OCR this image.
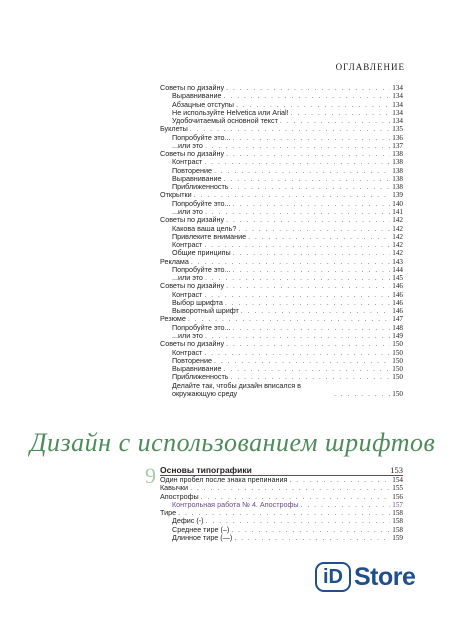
ОГЛАВЛЕНИЕ
Советы по дизайну . . .	134
Выравнивание . . .	134
Абзацные отступы . . .	134
Не используйте Helvetica или Arial! . . .	134
Удобочитаемый основной текст . . .	134
Буклеты . . .	135
Попробуйте это... . . .	136
...или это . . .	137
Советы по дизайну . . .	138
Контраст . . .	138
Повторение . . .	138
Выравнивание . . .	138
Приближенность . . .	138
Открытки . . .	139
Попробуйте это... . . .	140
...или это . . .	141
Советы по дизайну . . .	142
Какова ваша цель? . . .	142
Привлеките внимание . . .	142
Контраст . . .	142
Общие принципы . . .	142
Реклама . . .	143
Попробуйте это... . . .	144
...или это . . .	145
Советы по дизайну . . .	146
Контраст . . .	146
Выбор шрифта . . .	146
Выворотный шрифт . . .	146
Резюме . . .	147
Попробуйте это... . . .	148
...или это . . .	149
Советы по дизайну . . .	150
Контраст . . .	150
Повторение . . .	150
Выравнивание . . .	150
Приближенность . . .	150
Делайте так, чтобы дизайн вписался в окружающую среду . . .	150
Дизайн с использованием шрифтов
9 Основы типографики	153
Один пробел после знака препинания . . .	154
Кавычки . . .	155
Апострофы . . .	156
Контрольная работа № 4. Апострофы . . .	157
Тире . . .	158
Дефис (-) . . .	158
Среднее тире (–) . . .	158
Длинное тире (—) . . .	159
iD Store
